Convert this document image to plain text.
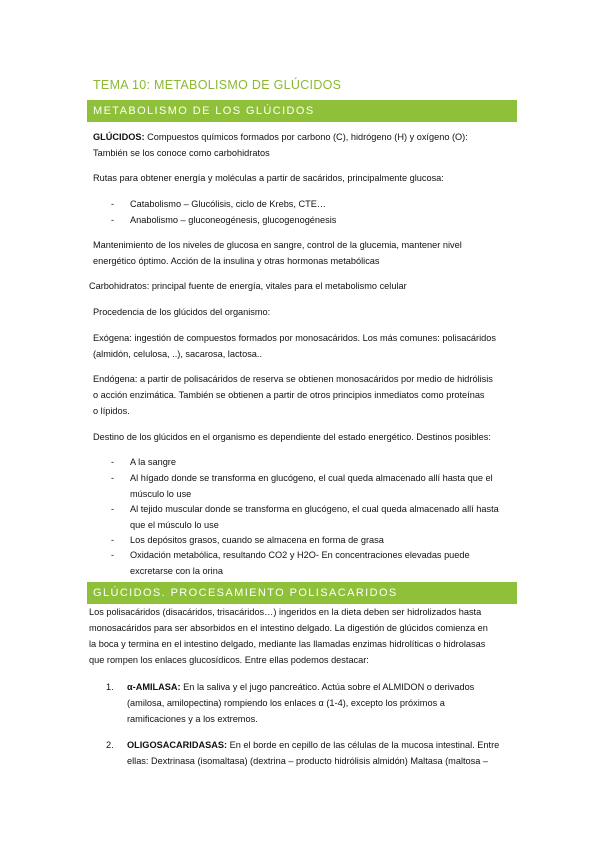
TEMA 10: METABOLISMO DE GLÚCIDOS
METABOLISMO DE LOS GLÚCIDOS
GLÚCIDOS: Compuestos químicos formados por carbono (C), hidrógeno (H) y oxígeno (O):
También se los conoce como carbohidratos
Rutas para obtener energía y moléculas a partir de sacáridos, principalmente glucosa:
- Catabolismo – Glucólisis, ciclo de Krebs, CTE…
- Anabolismo – gluconeogénesis, glucogenogénesis
Mantenimiento de los niveles de glucosa en sangre, control de la glucemia, mantener nivel
energético óptimo. Acción de la insulina y otras hormonas metabólicas
Carbohidratos: principal fuente de energía, vitales para el metabolismo celular
Procedencia de los glúcidos del organismo:
Exógena: ingestión de compuestos formados por monosacáridos. Los más comunes: polisacáridos
(almidón, celulosa, ..), sacarosa, lactosa..
Endógena: a partir de polisacáridos de reserva se obtienen monosacáridos por medio de hidrólisis
o acción enzimática. También se obtienen a partir de otros principios inmediatos como proteínas
o lípidos.
Destino de los glúcidos en el organismo es dependiente del estado energético. Destinos posibles:
- A la sangre
- Al hígado donde se transforma en glucógeno, el cual queda almacenado allí hasta que el
músculo lo use
- Al tejido muscular donde se transforma en glucógeno, el cual queda almacenado allí hasta
que el músculo lo use
- Los depósitos grasos, cuando se almacena en forma de grasa
- Oxidación metabólica, resultando CO2 y H2O- En concentraciones elevadas puede
excretarse con la orina
GLÚCIDOS. PROCESAMIENTO POLISACARIDOS
Los polisacáridos (disacáridos, trisacáridos…) ingeridos en la dieta deben ser hidrolizados hasta
monosacáridos para ser absorbidos en el intestino delgado. La digestión de glúcidos comienza en
la boca y termina en el intestino delgado, mediante las llamadas enzimas hidrolíticas o hidrolasas
que rompen los enlaces glucosídicos. Entre ellas podemos destacar:
1. α-AMILASA: En la saliva y el jugo pancreático. Actúa sobre el ALMIDON o derivados
(amilosa, amilopectina) rompiendo los enlaces α (1-4), excepto los próximos a
ramificaciones y a los extremos.
2. OLIGOSACARIDASAS: En el borde en cepillo de las células de la mucosa intestinal. Entre
ellas: Dextrinasa (isomaltasa) (dextrina – producto hidrólisis almidón) Maltasa (maltosa –
